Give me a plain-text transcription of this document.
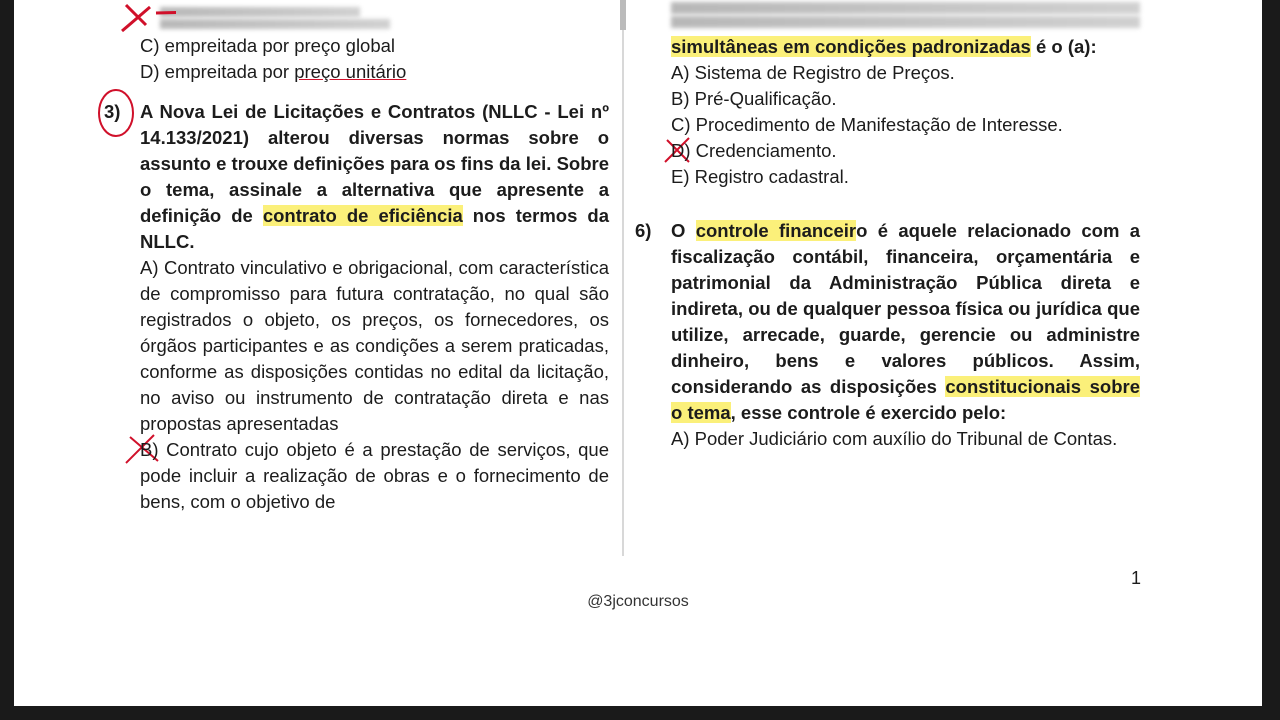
C) empreitada por preço global

D) empreitada por preço unitário

3) A Nova Lei de Licitações e Contratos (NLLC - Lei nº 14.133/2021) alterou diversas normas sobre o assunto e trouxe definições para os fins da lei. Sobre o tema, assinale a alternativa que apresente a definição de contrato de eficiência nos termos da NLLC.

A) Contrato vinculativo e obrigacional, com característica de compromisso para futura contratação, no qual são registrados o objeto, os preços, os fornecedores, os órgãos participantes e as condições a serem praticadas, conforme as disposições contidas no edital da licitação, no aviso ou instrumento de contratação direta e nas propostas apresentadas

B) Contrato cujo objeto é a prestação de serviços, que pode incluir a realização de obras e o fornecimento de bens, com o objetivo de

simultâneas em condições padronizadas é o (a):

A) Sistema de Registro de Preços.

B) Pré-Qualificação.

C) Procedimento de Manifestação de Interesse.

D) Credenciamento.

E) Registro cadastral.

6) O controle financeiro é aquele relacionado com a fiscalização contábil, financeira, orçamentária e patrimonial da Administração Pública direta e indireta, ou de qualquer pessoa física ou jurídica que utilize, arrecade, guarde, gerencie ou administre dinheiro, bens e valores públicos. Assim, considerando as disposições constitucionais sobre o tema, esse controle é exercido pelo:

A) Poder Judiciário com auxílio do Tribunal de Contas.

1
@3jconcursos
